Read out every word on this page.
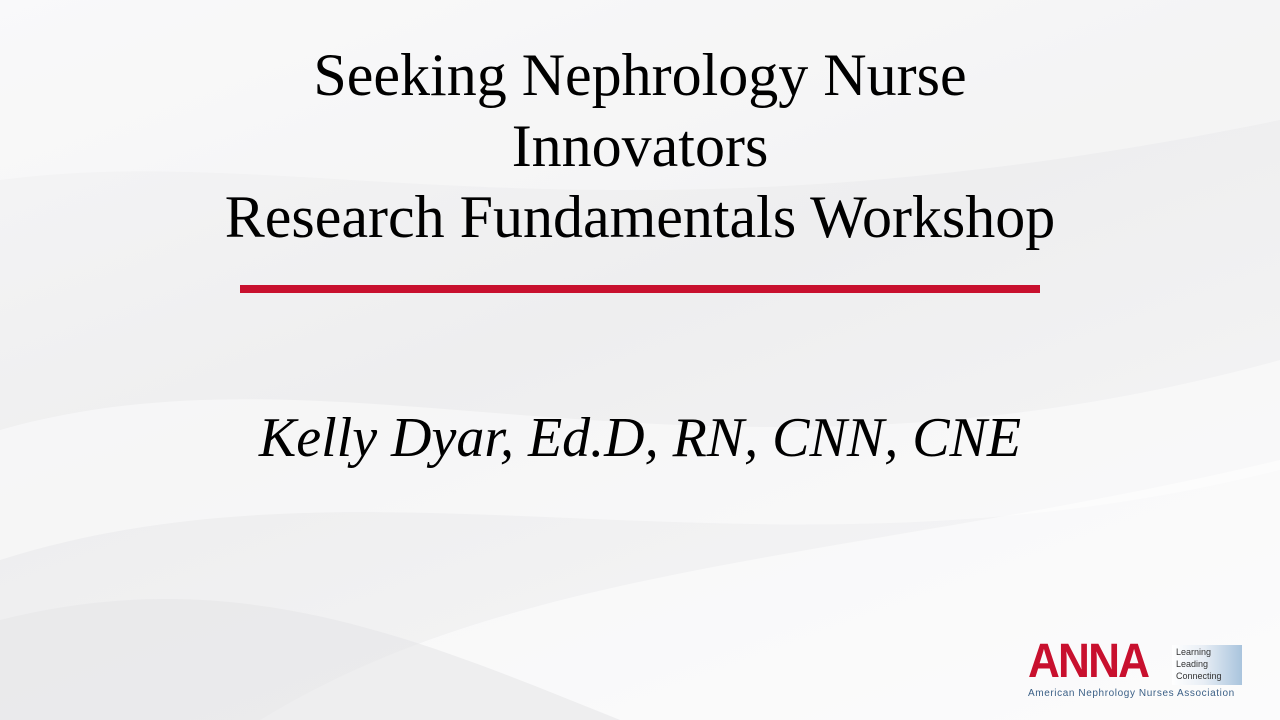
Seeking Nephrology Nurse
Innovators
Research Fundamentals Workshop
Kelly Dyar, Ed.D, RN, CNN, CNE
ANNA	Learning
Leading
Connecting
American Nephrology Nurses Association
